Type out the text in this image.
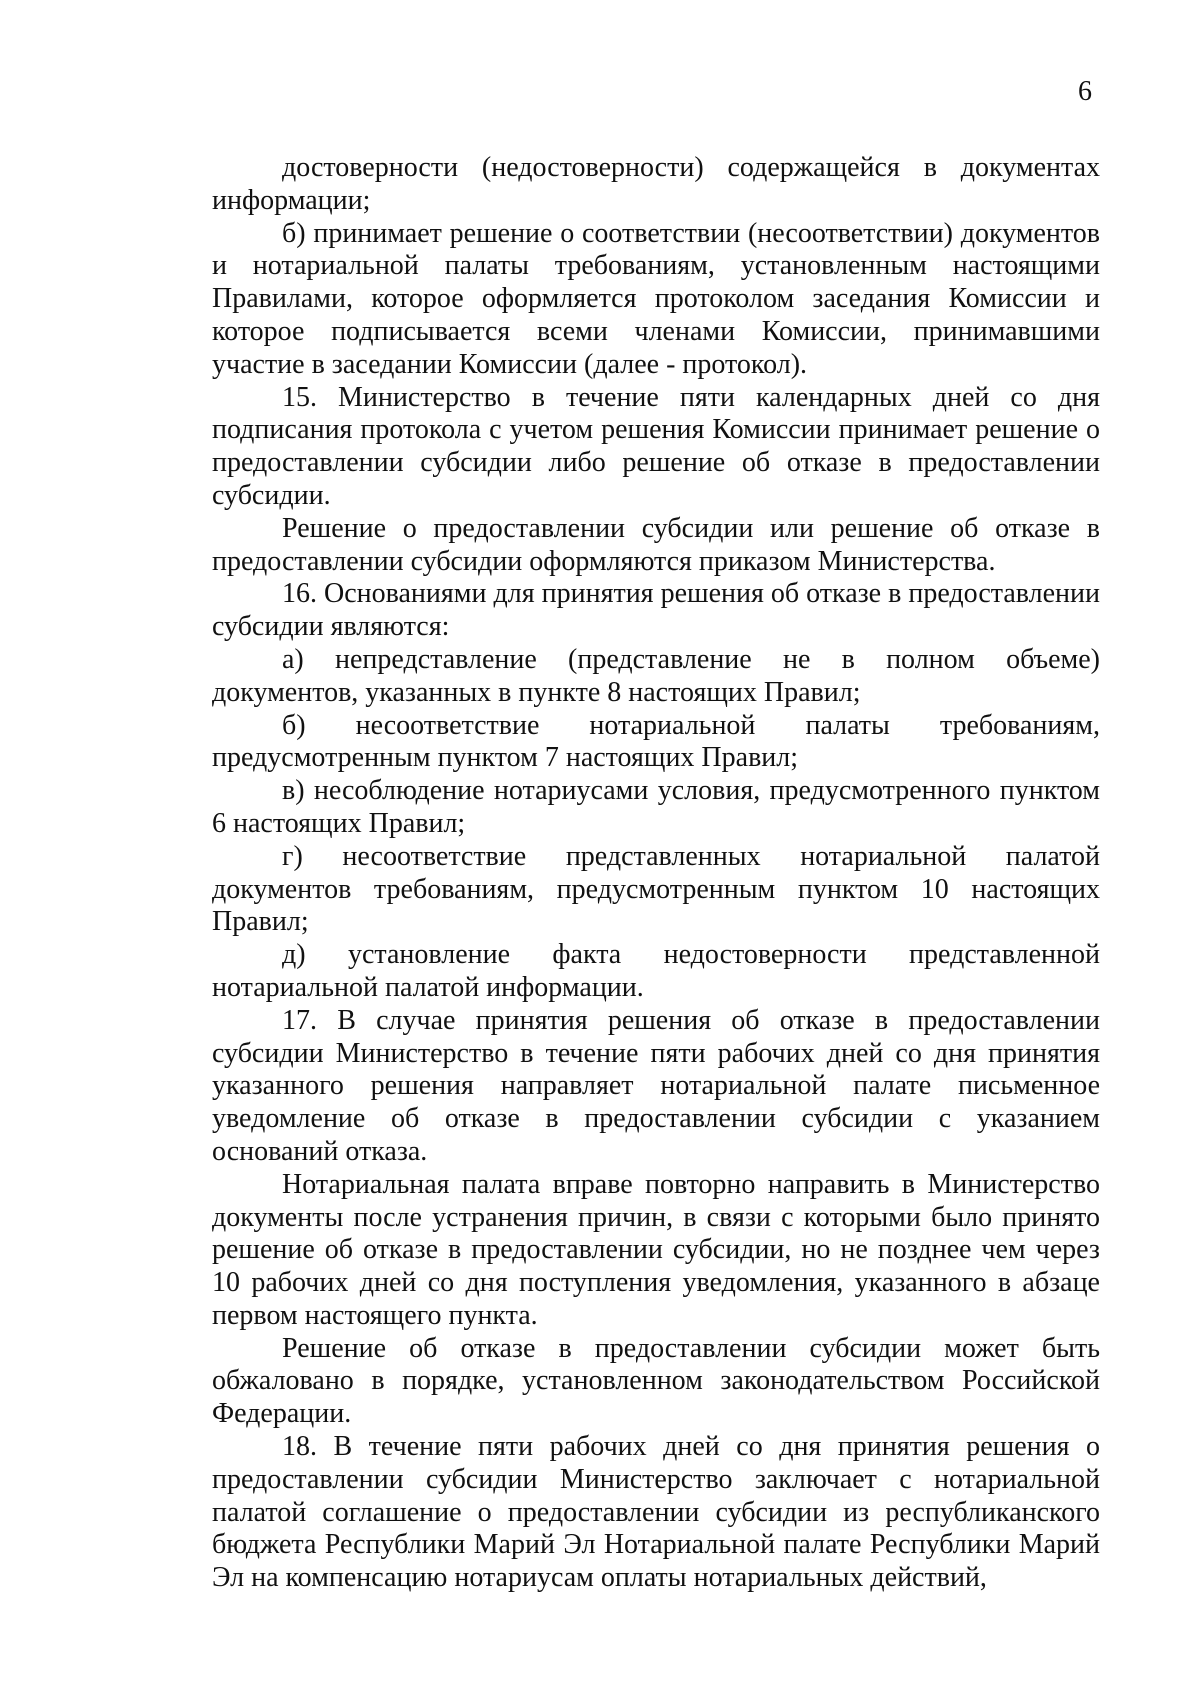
6

достоверности (недостоверности) содержащейся в документах информации;

б) принимает решение о соответствии (несоответствии) документов и нотариальной палаты требованиям, установленным настоящими Правилами, которое оформляется протоколом заседания Комиссии и которое подписывается всеми членами Комиссии, принимавшими участие в заседании Комиссии (далее - протокол).

15. Министерство в течение пяти календарных дней со дня подписания протокола с учетом решения Комиссии принимает решение о предоставлении субсидии либо решение об отказе в предоставлении субсидии.

Решение о предоставлении субсидии или решение об отказе в предоставлении субсидии оформляются приказом Министерства.

16. Основаниями для принятия решения об отказе в предоставлении субсидии являются:

а) непредставление (представление не в полном объеме) документов, указанных в пункте 8 настоящих Правил;

б) несоответствие нотариальной палаты требованиям, предусмотренным пунктом 7 настоящих Правил;

в) несоблюдение нотариусами условия, предусмотренного пунктом 6 настоящих Правил;

г) несоответствие представленных нотариальной палатой документов требованиям, предусмотренным пунктом 10 настоящих Правил;

д) установление факта недостоверности представленной нотариальной палатой информации.

17. В случае принятия решения об отказе в предоставлении субсидии Министерство в течение пяти рабочих дней со дня принятия указанного решения направляет нотариальной палате письменное уведомление об отказе в предоставлении субсидии с указанием оснований отказа.

Нотариальная палата вправе повторно направить в Министерство документы после устранения причин, в связи с которыми было принято решение об отказе в предоставлении субсидии, но не позднее чем через 10 рабочих дней со дня поступления уведомления, указанного в абзаце первом настоящего пункта.

Решение об отказе в предоставлении субсидии может быть обжаловано в порядке, установленном законодательством Российской Федерации.

18. В течение пяти рабочих дней со дня принятия решения о предоставлении субсидии Министерство заключает с нотариальной палатой соглашение о предоставлении субсидии из республиканского бюджета Республики Марий Эл Нотариальной палате Республики Марий Эл на компенсацию нотариусам оплаты нотариальных действий,
